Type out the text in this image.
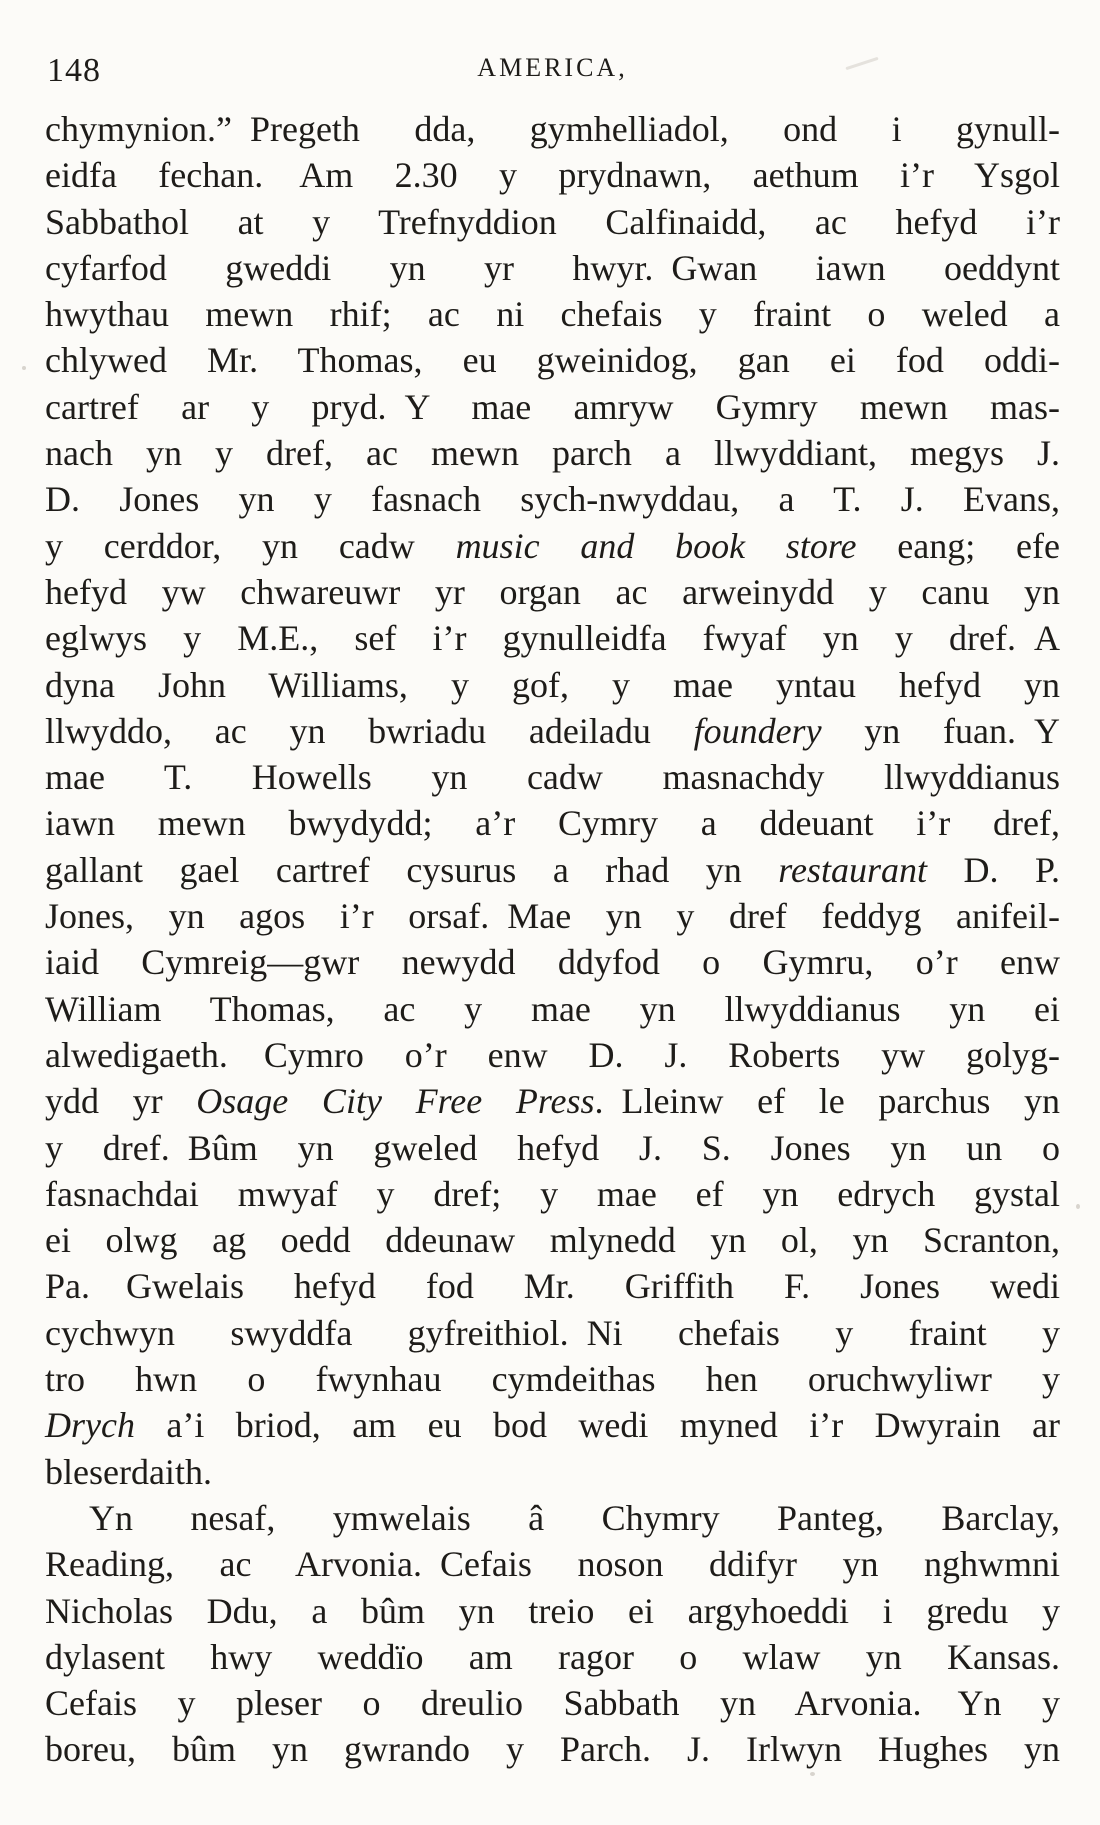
148	AMERICA,
chymynion.” Pregeth dda, gymhelliadol, ond i gynull-
eidfa fechan. Am 2.30 y prydnawn, aethum i’r Ysgol
Sabbathol at y Trefnyddion Calfinaidd, ac hefyd i’r
cyfarfod gweddi yn yr hwyr. Gwan iawn oeddynt
hwythau mewn rhif; ac ni chefais y fraint o weled a
chlywed Mr. Thomas, eu gweinidog, gan ei fod oddi-
cartref ar y pryd. Y mae amryw Gymry mewn mas-
nach yn y dref, ac mewn parch a llwyddiant, megys J.
D. Jones yn y fasnach sych-nwyddau, a T. J. Evans,
y cerddor, yn cadw music and book store eang; efe
hefyd yw chwareuwr yr organ ac arweinydd y canu yn
eglwys y M.E., sef i’r gynulleidfa fwyaf yn y dref. A
dyna John Williams, y gof, y mae yntau hefyd yn
llwyddo, ac yn bwriadu adeiladu foundery yn fuan. Y
mae T. Howells yn cadw masnachdy llwyddianus
iawn mewn bwydydd; a’r Cymry a ddeuant i’r dref,
gallant gael cartref cysurus a rhad yn restaurant D. P.
Jones, yn agos i’r orsaf. Mae yn y dref feddyg anifeil-
iaid Cymreig—gwr newydd ddyfod o Gymru, o’r enw
William Thomas, ac y mae yn llwyddianus yn ei
alwedigaeth. Cymro o’r enw D. J. Roberts yw golyg-
ydd yr Osage City Free Press. Lleinw ef le parchus yn
y dref. Bûm yn gweled hefyd J. S. Jones yn un o
fasnachdai mwyaf y dref; y mae ef yn edrych gystal
ei olwg ag oedd ddeunaw mlynedd yn ol, yn Scranton,
Pa. Gwelais hefyd fod Mr. Griffith F. Jones wedi
cychwyn swyddfa gyfreithiol. Ni chefais y fraint y
tro hwn o fwynhau cymdeithas hen oruchwyliwr y
Drych a’i briod, am eu bod wedi myned i’r Dwyrain ar
bleserdaith.
Yn nesaf, ymwelais â Chymry Panteg, Barclay,
Reading, ac Arvonia. Cefais noson ddifyr yn nghwmni
Nicholas Ddu, a bûm yn treio ei argyhoeddi i gredu y
dylasent hwy weddïo am ragor o wlaw yn Kansas.
Cefais y pleser o dreulio Sabbath yn Arvonia. Yn y
boreu, bûm yn gwrando y Parch. J. Irlwyn Hughes yn
